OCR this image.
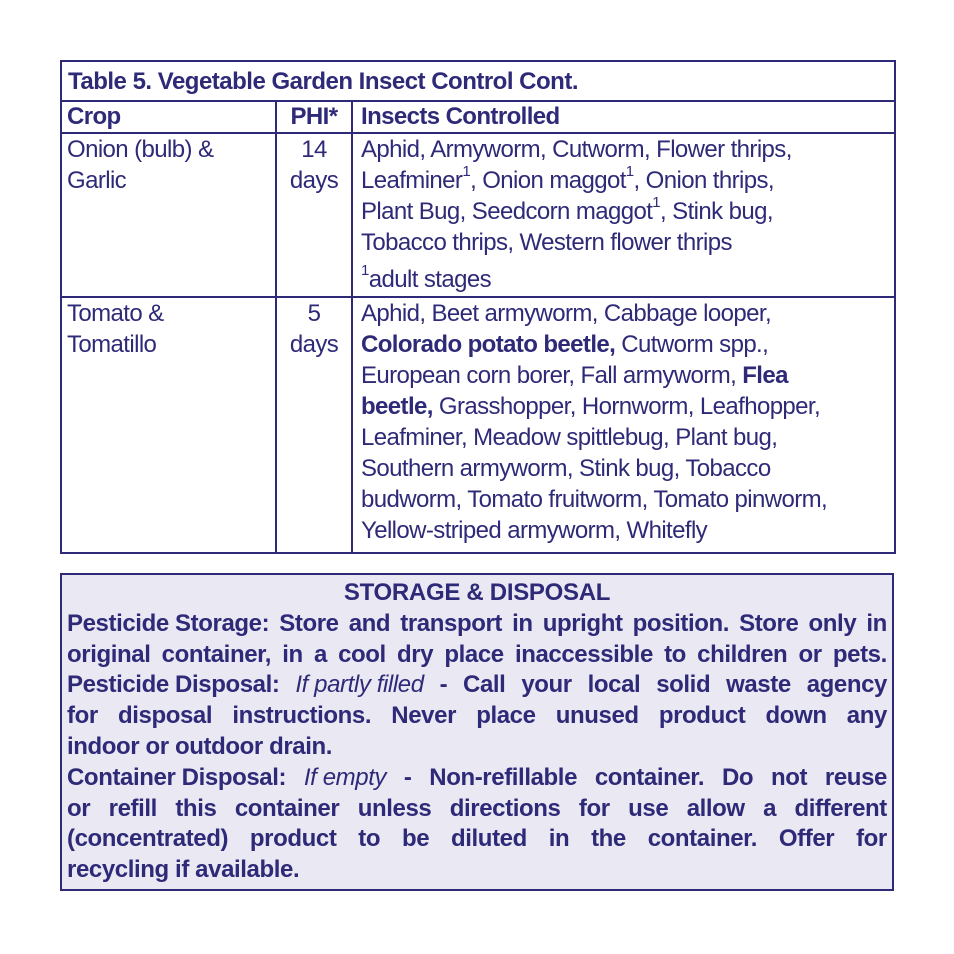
Table 5. Vegetable Garden Insect Control Cont.
Crop	PHI* Insects Controlled
Onion (bulb) &
Garlic
14
days
Aphid, Armyworm, Cutworm, Flower thrips,
Leafminer$^1$, Onion maggot$^1$, Onion thrips,
Plant Bug, Seedcorn maggot$^1$, Stink bug,
Tobacco thrips, Western flower thrips
$^1$adult stages
Tomato &
Tomatillo
5
days
Aphid, Beet armyworm, Cabbage looper,
Colorado potato beetle, Cutworm spp.,
European corn borer, Fall armyworm, Flea
beetle, Grasshopper, Hornworm, Leafhopper,
Leafminer, Meadow spittlebug, Plant bug,
Southern armyworm, Stink bug, Tobacco
budworm, Tomato fruitworm, Tomato pinworm,
Yellow-striped armyworm, Whitefly
STORAGE & DISPOSAL
Pesticide Storage: Store and transport in upright position. Store only in
original container, in a cool dry place inaccessible to children or pets.
Pesticide Disposal: If partly filled - Call your local solid waste agency
for disposal instructions. Never place unused product down any
indoor or outdoor drain.
Container Disposal: If empty - Non-refillable container. Do not reuse
or refill this container unless directions for use allow a different
(concentrated) product to be diluted in the container. Offer for
recycling if available.
